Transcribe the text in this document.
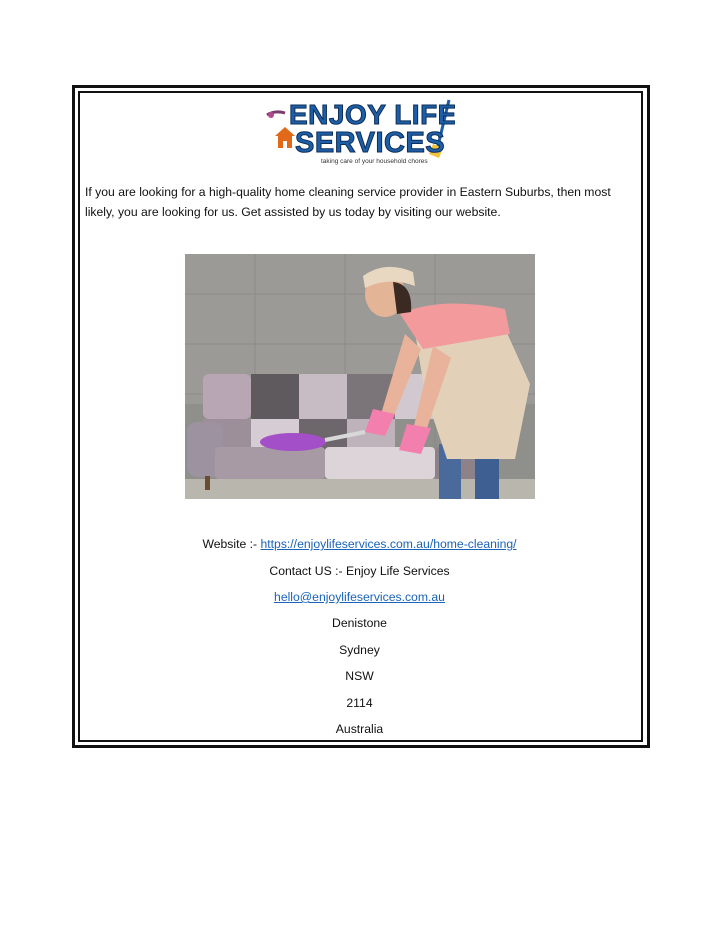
ENJOY LIFE
SERVICES
taking care of your household chores
If you are looking for a high-quality home cleaning service provider in Eastern Suburbs, then most likely, you are looking for us. Get assisted by us today by visiting our website.
Website :- https://enjoylifeservices.com.au/home-cleaning/
Contact US :- Enjoy Life Services
hello@enjoylifeservices.com.au
Denistone
Sydney
NSW
2114
Australia
